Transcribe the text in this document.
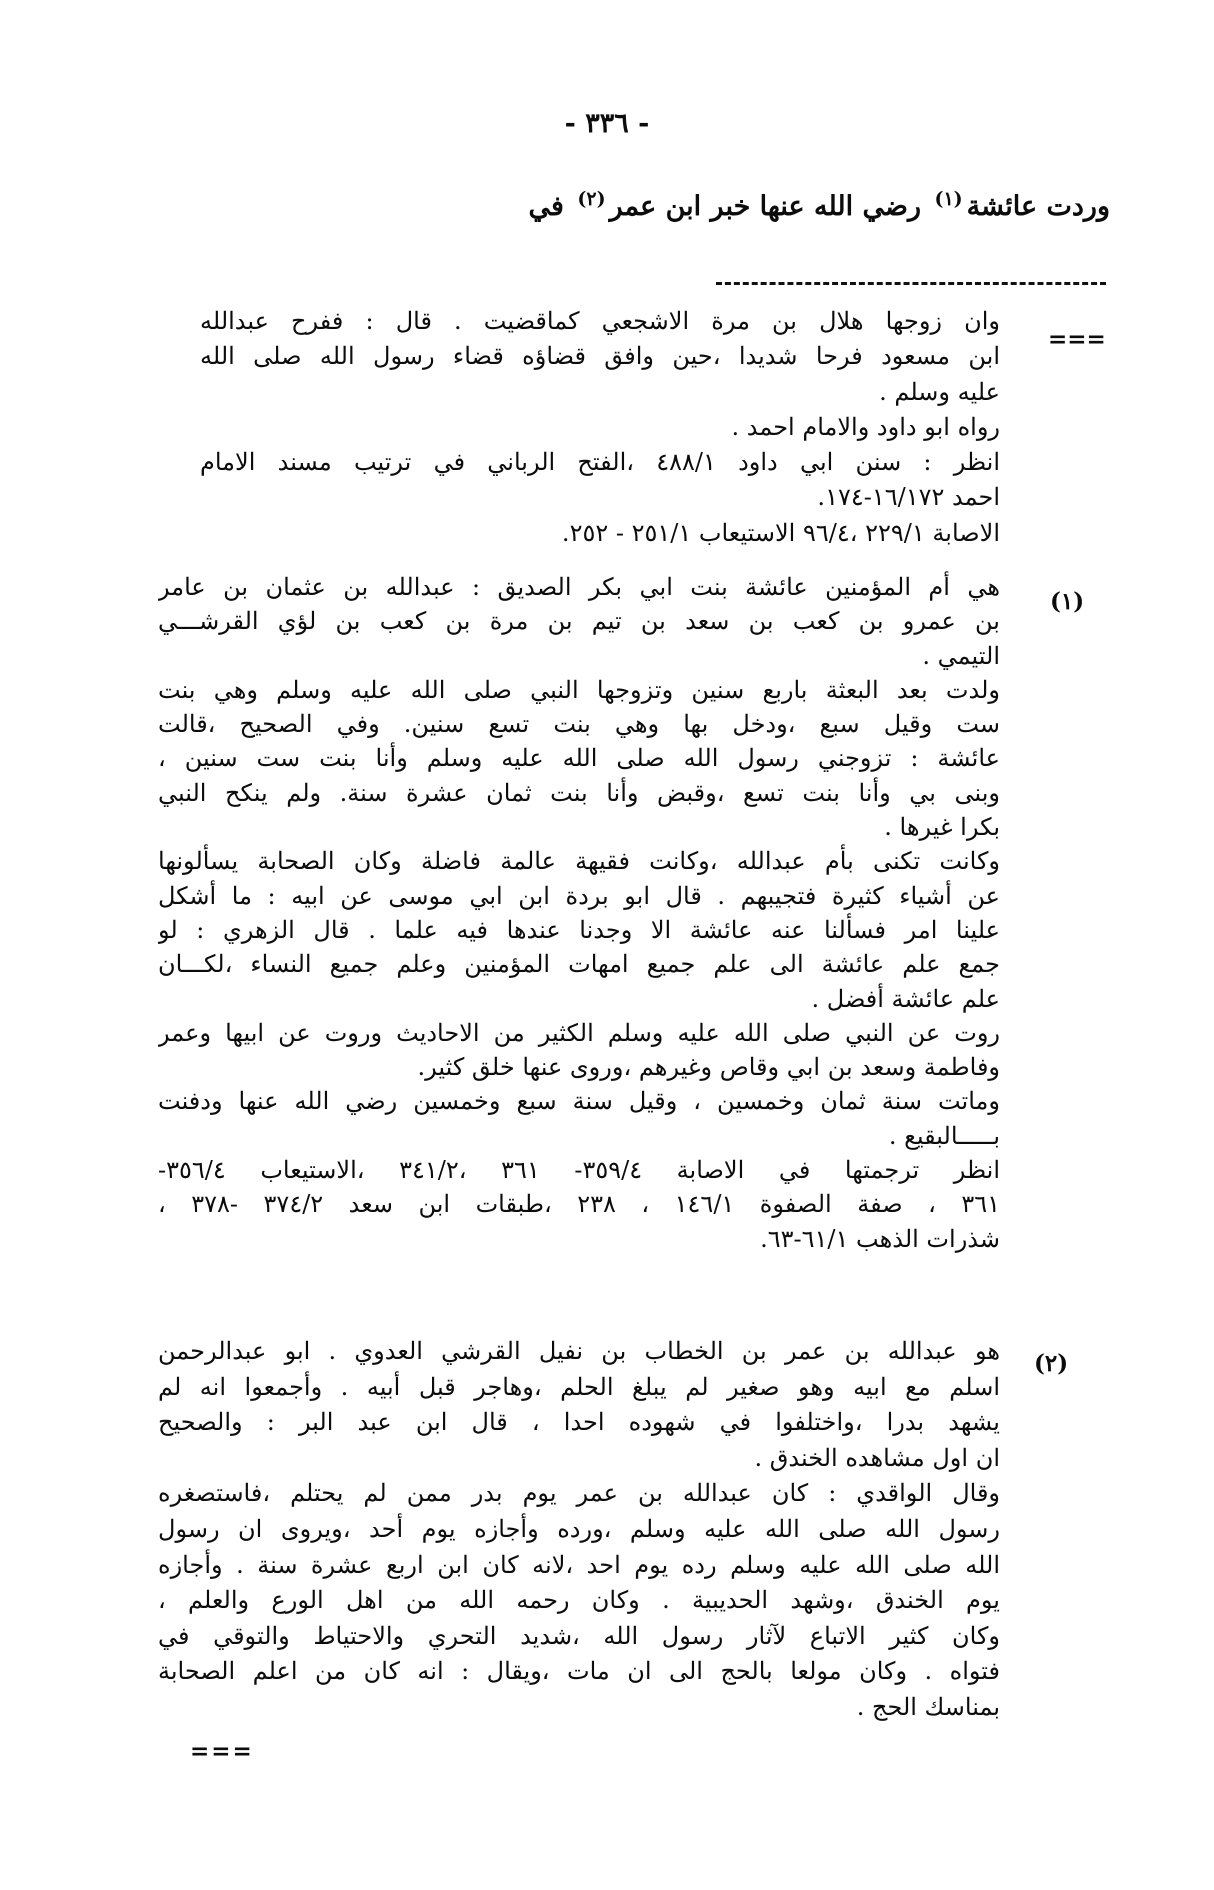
- ٣٣٦ -
وردت عائشة$^{(١)}$ رضي الله عنها خبر ابن عمر$^{(٢)}$ في
===
وان زوجها هلال بن مرة الاشجعي كماقضيت . قال : ففرح عبدالله
ابن مسعود فرحا شديدا ،حين وافق قضاؤه قضاء رسول الله صلى الله
عليه وسلم .
رواه ابو داود والامام احمد .
انظر : سنن ابي داود ٤٨٨/١ ،الفتح الرباني في ترتيب مسند الامام
احمد ١٦/١٧٢-١٧٤.
الاصابة ٢٢٩/١ ،٩٦/٤ الاستيعاب ٢٥١/١ - ٢٥٢.
(١)
هي أم المؤمنين عائشة بنت ابي بكر الصديق : عبدالله بن عثمان بن عامر
بن عمرو بن كعب بن سعد بن تيم بن مرة بن كعب بن لؤي القرشـــي
التيمي .
ولدت بعد البعثة باربع سنين وتزوجها النبي صلى الله عليه وسلم وهي بنت
ست وقيل سبع ،ودخل بها وهي بنت تسع سنين. وفي الصحيح ،قالت
عائشة : تزوجني رسول الله صلى الله عليه وسلم وأنا بنت ست سنين ،
وبنى بي وأنا بنت تسع ،وقبض وأنا بنت ثمان عشرة سنة. ولم ينكح النبي
بكرا غيرها .
وكانت تكنى بأم عبدالله ،وكانت فقيهة عالمة فاضلة وكان الصحابة يسألونها
عن أشياء كثيرة فتجيبهم . قال ابو بردة ابن ابي موسى عن ابيه : ما أشكل
علينا امر فسألنا عنه عائشة الا وجدنا عندها فيه علما . قال الزهري : لو
جمع علم عائشة الى علم جميع امهات المؤمنين وعلم جميع النساء ،لكـــان
علم عائشة أفضل .
روت عن النبي صلى الله عليه وسلم الكثير من الاحاديث وروت عن ابيها وعمر
وفاطمة وسعد بن ابي وقاص وغيرهم ،وروى عنها خلق كثير.
وماتت سنة ثمان وخمسين ، وقيل سنة سبع وخمسين رضي الله عنها ودفنت
بـــــالبقيع .
انظر ترجمتها في الاصابة ٣٥٩/٤- ٣٦١ ،٣٤١/٢ ،الاستيعاب ٣٥٦/٤-
٣٦١ ، صفة الصفوة ١٤٦/١ ، ٢٣٨ ،طبقات ابن سعد ٣٧٤/٢ -٣٧٨ ،
شذرات الذهب ٦١/١-٦٣.
(٢)
هو عبدالله بن عمر بن الخطاب بن نفيل القرشي العدوي . ابو عبدالرحمن
اسلم مع ابيه وهو صغير لم يبلغ الحلم ،وهاجر قبل أبيه . وأجمعوا انه لم
يشهد بدرا ،واختلفوا في شهوده احدا ، قال ابن عبد البر : والصحيح
ان اول مشاهده الخندق .
وقال الواقدي : كان عبدالله بن عمر يوم بدر ممن لم يحتلم ،فاستصغره
رسول الله صلى الله عليه وسلم ،ورده وأجازه يوم أحد ،ويروى ان رسول
الله صلى الله عليه وسلم رده يوم احد ،لانه كان ابن اربع عشرة سنة . وأجازه
يوم الخندق ،وشهد الحديبية . وكان رحمه الله من اهل الورع والعلم ،
وكان كثير الاتباع لآثار رسول الله ،شديد التحري والاحتياط والتوقي في
فتواه . وكان مولعا بالحج الى ان مات ،ويقال : انه كان من اعلم الصحابة
بمناسك الحج .
===
